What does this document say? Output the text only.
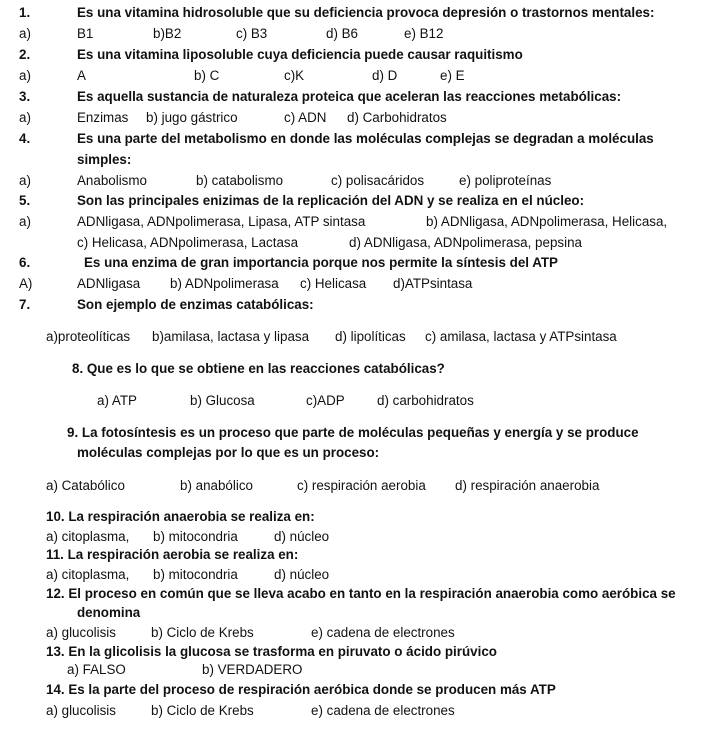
1.	Es una vitamina hidrosoluble que su deficiencia provoca depresión o trastornos mentales:
a)	B1	b)B2	c) B3	d) B6	e) B12
2.	Es una vitamina liposoluble cuya deficiencia puede causar raquitismo
a)	A	b) C	c)K	d) D	e) E
3.	Es aquella sustancia de naturaleza proteica que aceleran las reacciones metabólicas:
a)	Enzimas b) jugo gástrico	c) ADN d) Carbohidratos
4.	Es una parte del metabolismo en donde las moléculas complejas se degradan a moléculas
simples:
a)	Anabolismo	b) catabolismo	c) polisacáridos	e) poliproteínas
5.	Son las principales enizimas de la replicación del ADN y se realiza en el núcleo:
a)	ADNligasa, ADNpolimerasa, Lipasa, ATP sintasa	b) ADNligasa, ADNpolimerasa, Helicasa,
c) Helicasa, ADNpolimerasa, Lactasa	d) ADNligasa, ADNpolimerasa, pepsina
6.	Es una enzima de gran importancia porque nos permite la síntesis del ATP
A)	ADNligasa b) ADNpolimerasa c) Helicasa d)ATPsintasa
7.	Son ejemplo de enzimas catabólicas:
a)proteolíticas b)amilasa, lactasa y lipasa d) lipolíticas c) amilasa, lactasa y ATPsintasa
8. Que es lo que se obtiene en las reacciones catabólicas?
a) ATP	b) Glucosa	c)ADP d) carbohidratos
9. La fotosíntesis es un proceso que parte de moléculas pequeñas y energía y se produce
moléculas complejas por lo que es un proceso:
a) Catabólico	b) anabólico	c) respiración aerobia d) respiración anaerobia
10. La respiración anaerobia se realiza en:
a) citoplasma, b) mitocondria	d) núcleo
11. La respiración aerobia se realiza en:
a) citoplasma, b) mitocondria	d) núcleo
12. El proceso en común que se lleva acabo en tanto en la respiración anaerobia como aeróbica se
denomina
a) glucolisis	b) Ciclo de Krebs	e) cadena de electrones
13. En la glicolisis la glucosa se trasforma en piruvato o ácido pirúvico
a) FALSO	b) VERDADERO
14. Es la parte del proceso de respiración aeróbica donde se producen más ATP
a) glucolisis	b) Ciclo de Krebs	e) cadena de electrones
